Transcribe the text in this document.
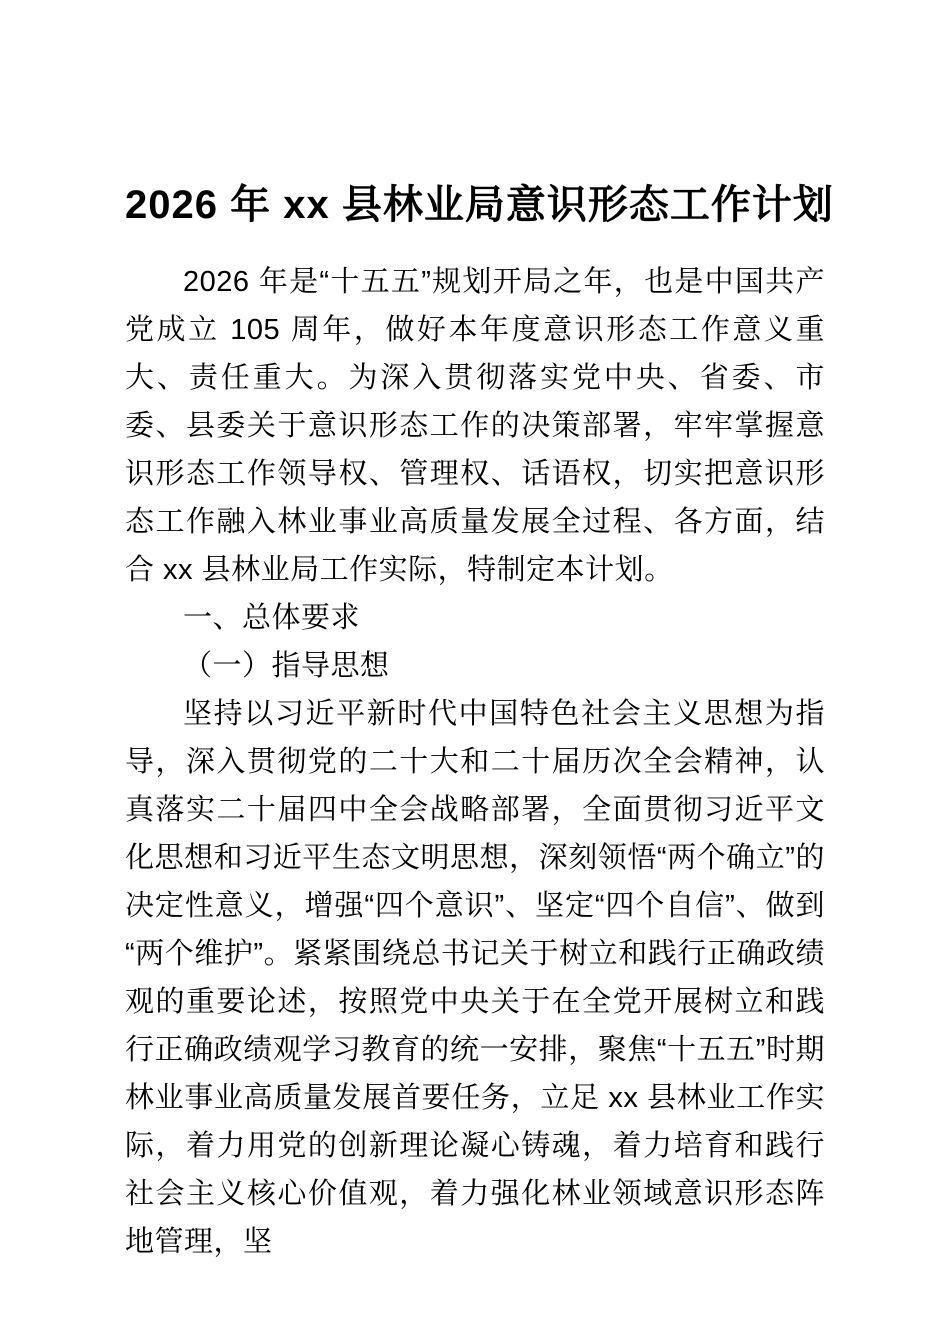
2026 年 xx 县林业局意识形态工作计划

2026 年是“十五五”规划开局之年，也是中国共产党成立 105 周年，做好本年度意识形态工作意义重大、责任重大。为深入贯彻落实党中央、省委、市委、县委关于意识形态工作的决策部署，牢牢掌握意识形态工作领导权、管理权、话语权，切实把意识形态工作融入林业事业高质量发展全过程、各方面，结合 xx 县林业局工作实际，特制定本计划。

一、总体要求

（一）指导思想

坚持以习近平新时代中国特色社会主义思想为指导，深入贯彻党的二十大和二十届历次全会精神，认真落实二十届四中全会战略部署，全面贯彻习近平文化思想和习近平生态文明思想，深刻领悟“两个确立”的决定性意义，增强“四个意识”、坚定“四个自信”、做到“两个维护”。紧紧围绕总书记关于树立和践行正确政绩观的重要论述，按照党中央关于在全党开展树立和践行正确政绩观学习教育的统一安排，聚焦“十五五”时期林业事业高质量发展首要任务，立足 xx 县林业工作实际，着力用党的创新理论凝心铸魂，着力培育和践行社会主义核心价值观，着力强化林业领域意识形态阵地管理，坚
